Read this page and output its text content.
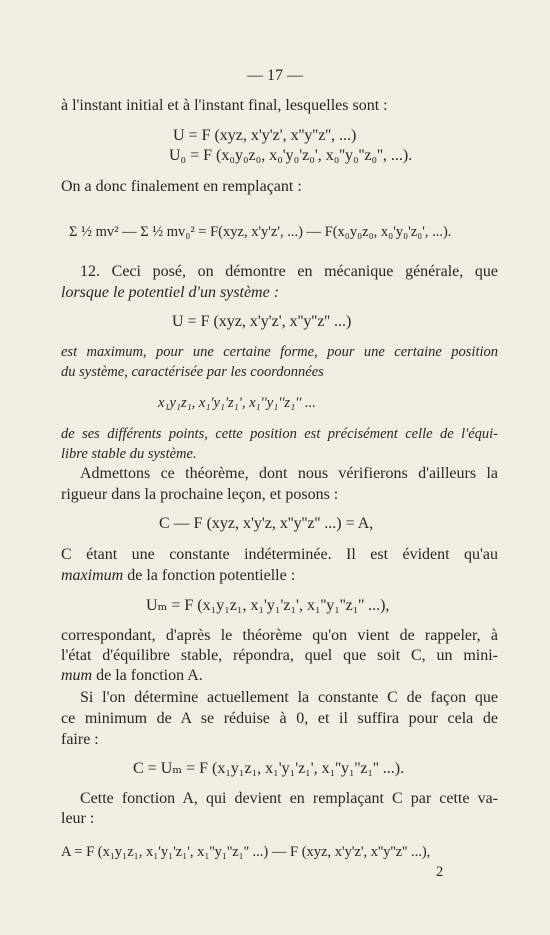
— 17 —
à l'instant initial et à l'instant final, lesquelles sont :
U = F (xyz, x'y'z', x''y''z'', ...)
U₀ = F (x₀y₀z₀, x₀'y₀'z₀', x₀''y₀''z₀'', ...).
On a donc finalement en remplaçant :
Σ ½ mv² — Σ ½ mv₀² = F(xyz, x'y'z', ...) — F(x₀y₀z₀, x₀'y₀'z₀', ...).
12. Ceci posé, on démontre en mécanique générale, que
lorsque le potentiel d'un système :
U = F (xyz, x'y'z', x''y''z'' ...)
est maximum, pour une certaine forme, pour une certaine position
du système, caractérisée par les coordonnées
x₁y₁z₁, x₁'y₁'z₁', x₁''y₁''z₁'' ...
de ses différents points, cette position est précisément celle de l'équi-
libre stable du système.
Admettons ce théorème, dont nous vérifierons d'ailleurs la
rigueur dans la prochaine leçon, et posons :
C — F (xyz, x'y'z, x''y''z'' ...) = A,
C étant une constante indéterminée. Il est évident qu'au
maximum de la fonction potentielle :
Uₘ = F (x₁y₁z₁, x₁'y₁'z₁', x₁''y₁''z₁'' ...),
correspondant, d'après le théorème qu'on vient de rappeler, à
l'état d'équilibre stable, répondra, quel que soit C, un mini-
mum de la fonction A.
Si l'on détermine actuellement la constante C de façon que
ce minimum de A se réduise à 0, et il suffira pour cela de
faire :
C = Uₘ = F (x₁y₁z₁, x₁'y₁'z₁', x₁''y₁''z₁'' ...).
Cette fonction A, qui devient en remplaçant C par cette va-
leur :
A = F (x₁y₁z₁, x₁'y₁'z₁', x₁''y₁''z₁'' ...) — F (xyz, x'y'z', x''y''z'' ...),
2
